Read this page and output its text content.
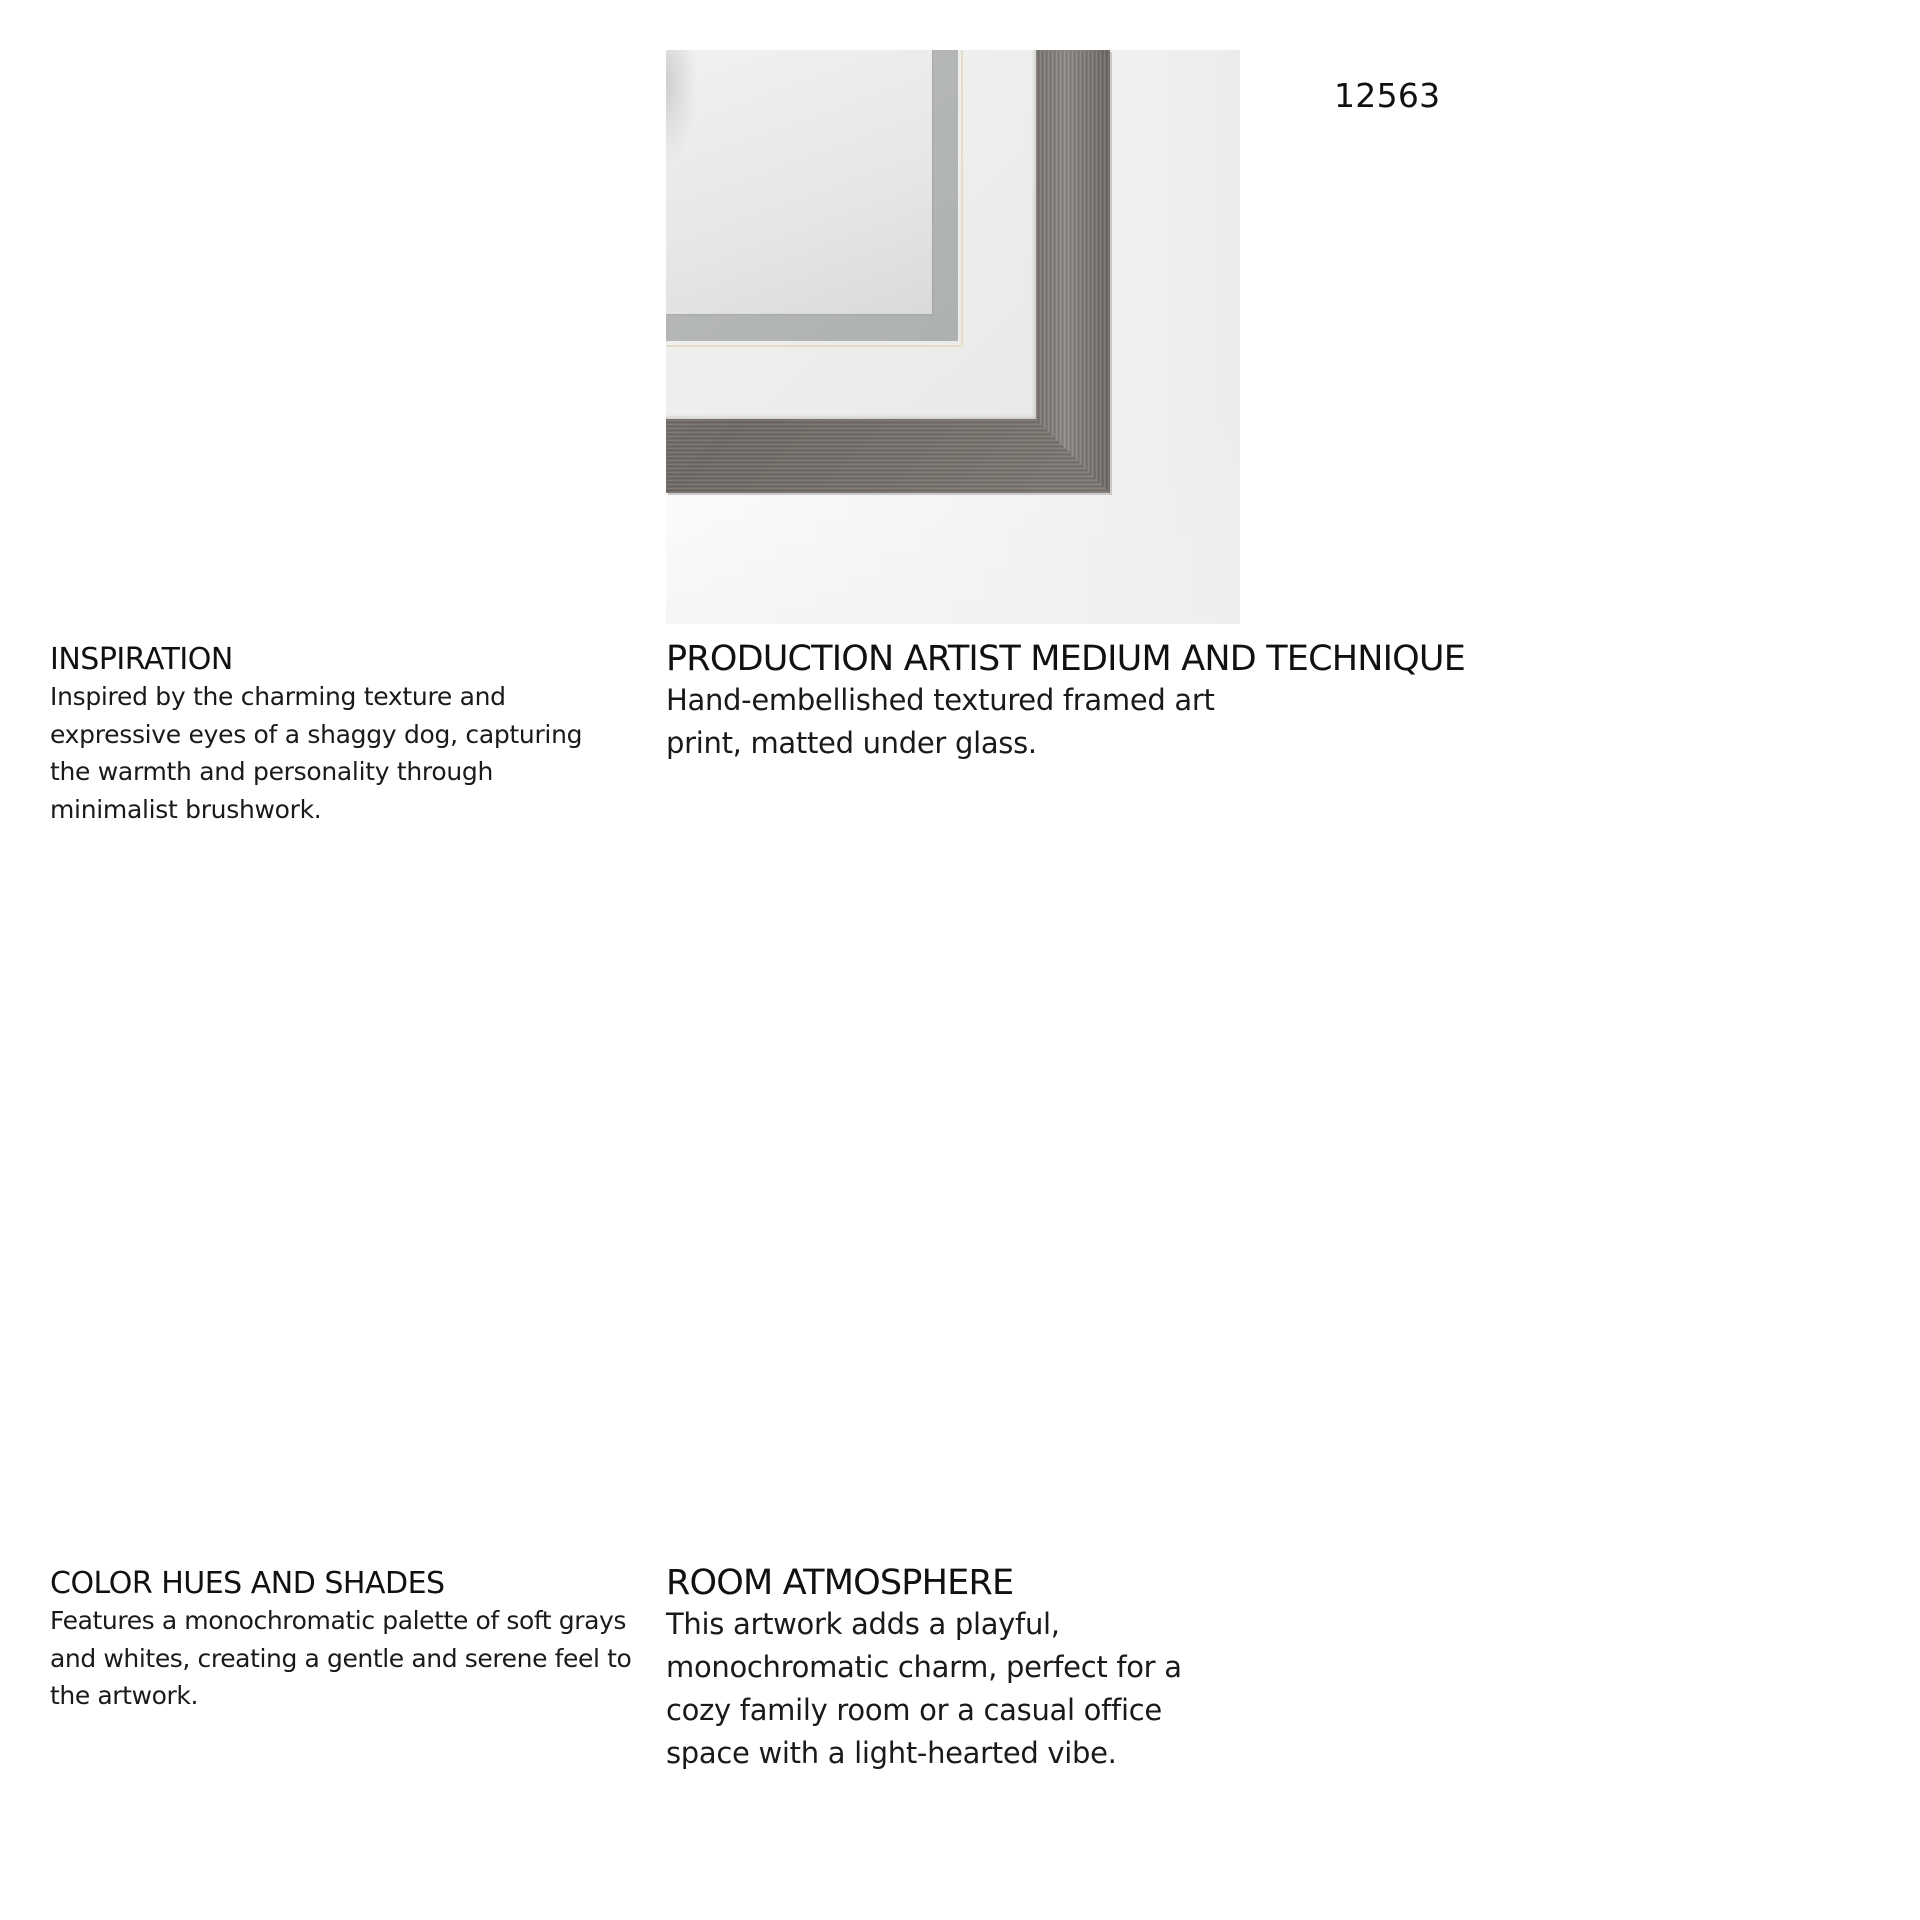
12563
INSPIRATION

Inspired by the charming texture and expressive eyes of a shaggy dog, capturing the warmth and personality through minimalist brushwork.

PRODUCTION ARTIST MEDIUM AND TECHNIQUE

Hand-embellished textured framed art print, matted under glass.

COLOR HUES AND SHADES

Features a monochromatic palette of soft grays and whites, creating a gentle and serene feel to the artwork.

ROOM ATMOSPHERE

This artwork adds a playful, monochromatic charm, perfect for a cozy family room or a casual office space with a light-hearted vibe.
